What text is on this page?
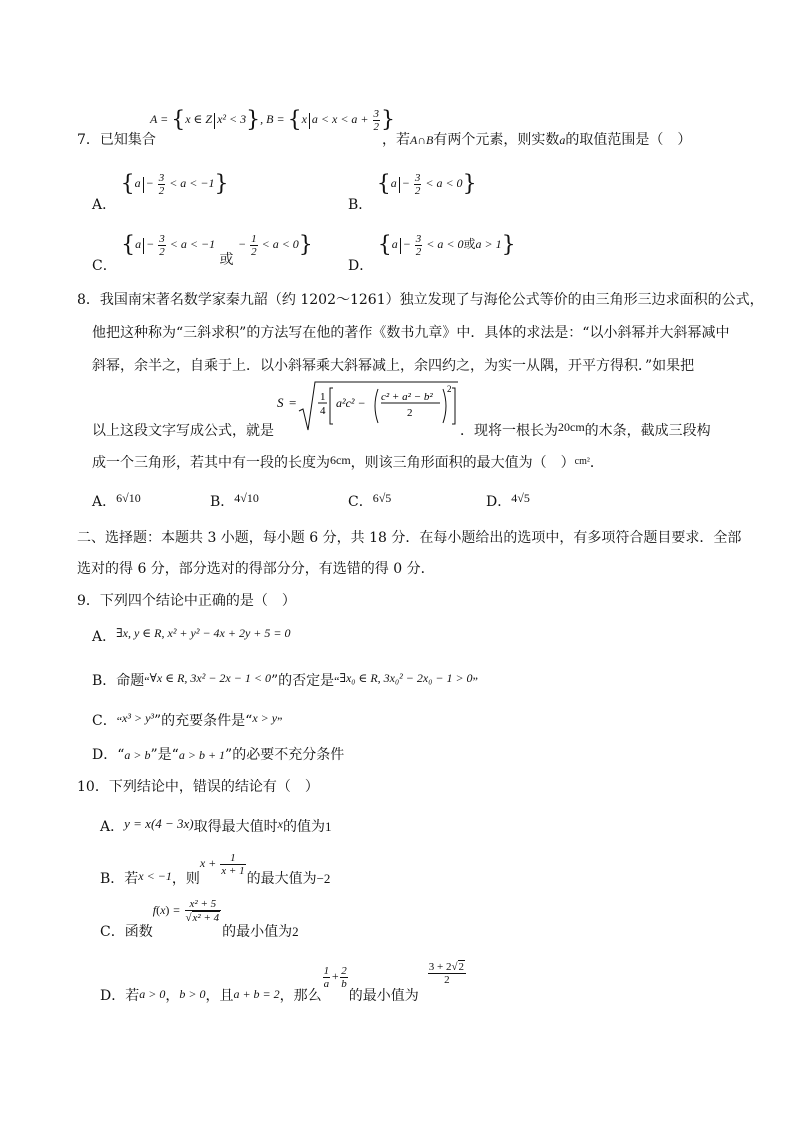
A = {x ∈ Z x² < 3}, B = {x $a < x < a + \frac{3}{2}$ }
7．已知集合	，若A∩B有两个元素，则实数a的取值范围是（　）
A． $\{a - \frac{3}{2} < a < -1\}$
B． $\{a - \frac{3}{2} < a < 0\}$
C． {$a - \frac{3}{2} < a < -1$ 或 − $\frac{1}{2} < a < 0$}
D． {$a - \frac{3}{2} < a < 0$或a > 1}
8．我国南宋著名数学家秦九韶（约 1202～1261）独立发现了与海伦公式等价的由三角形三边求面积的公式，
他把这种称为“三斜求积”的方法写在他的著作《数书九章》中．具体的求法是：“以小斜幂并大斜幂减中
斜幂，余半之，自乘于上．以小斜幂乘大斜幂减上，余四约之，为实一从隅，开平方得积．”如果把
S = 1
4
a²c² − c² + a² − b²
2
2
以上这段文字写成公式，就是	．现将一根长为20cm的木条，截成三段构
成一个三角形，若其中有一段的长度为6cm，则该三角形面积的最大值为（　）$^{cm^2}$．
A．6√10	B．4√10	C．6√5	D．4√5
二、选择题：本题共 3 小题，每小题 6 分，共 18 分．在每小题给出的选项中，有多项符合题目要求．全部
选对的得 6 分，部分选对的得部分分，有选错的得 0 分．
9．下列四个结论中正确的是（　）
A．∃x, y ∈ R, x² + y² − 4x + 2y + 5 = 0
B．命题“∀x ∈ R, 3x² − 2x − 1 < 0”的否定是“∃x₀ ∈ R, 3x₀² − 2x₀ − 1 > 0”
C．“x³ > y³”的充要条件是“x > y”
D．“a > b”是“a > b + 1”的必要不充分条件
10．下列结论中，错误的结论有（　）
A．y = x(4 − 3x)取得最大值时x的值为1
B．若x < −1，则$x + \frac{1}{x + 1}$
的最大值为−2
C．函数$f(x) = \frac{\text{x² + 5}}{\text{√x² + 4}}$
的最小值为2
D．若a > 0，b > 0，且a + b = 2，那么
$\frac{1}{a} + \frac{2}{b}$
的最小值为
$\frac{3 + 2√2}{2}$
